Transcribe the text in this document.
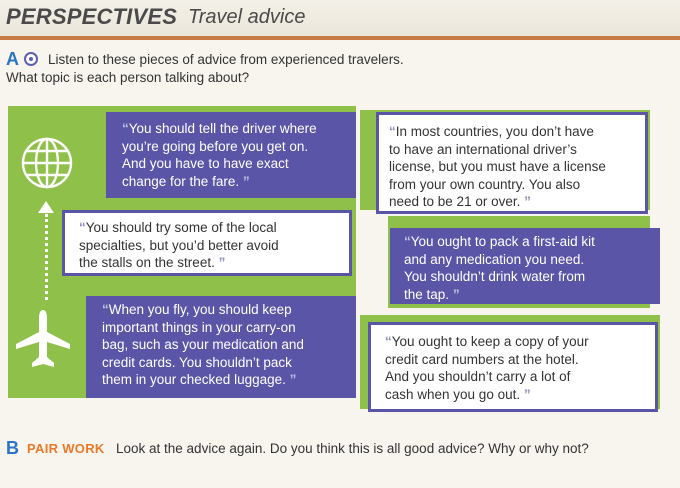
PERSPECTIVES Travel advice
A Listen to these pieces of advice from experienced travelers.
What topic is each person talking about?
“You should tell the driver where
you’re going before you get on.
And you have to have exact
change for the fare. ”
“In most countries, you don’t have
to have an international driver’s
license, but you must have a license
from your own country. You also
need to be 21 or over. ”
“You should try some of the local
specialties, but you’d better avoid
the stalls on the street. ”
“You ought to pack a first-aid kit
and any medication you need.
You shouldn’t drink water from
the tap. ”
“When you fly, you should keep
important things in your carry-on
bag, such as your medication and
credit cards. You shouldn’t pack
them in your checked luggage. ”
“You ought to keep a copy of your
credit card numbers at the hotel.
And you shouldn’t carry a lot of
cash when you go out. ”
B PAIR WORK Look at the advice again. Do you think this is all good advice? Why or why not?
